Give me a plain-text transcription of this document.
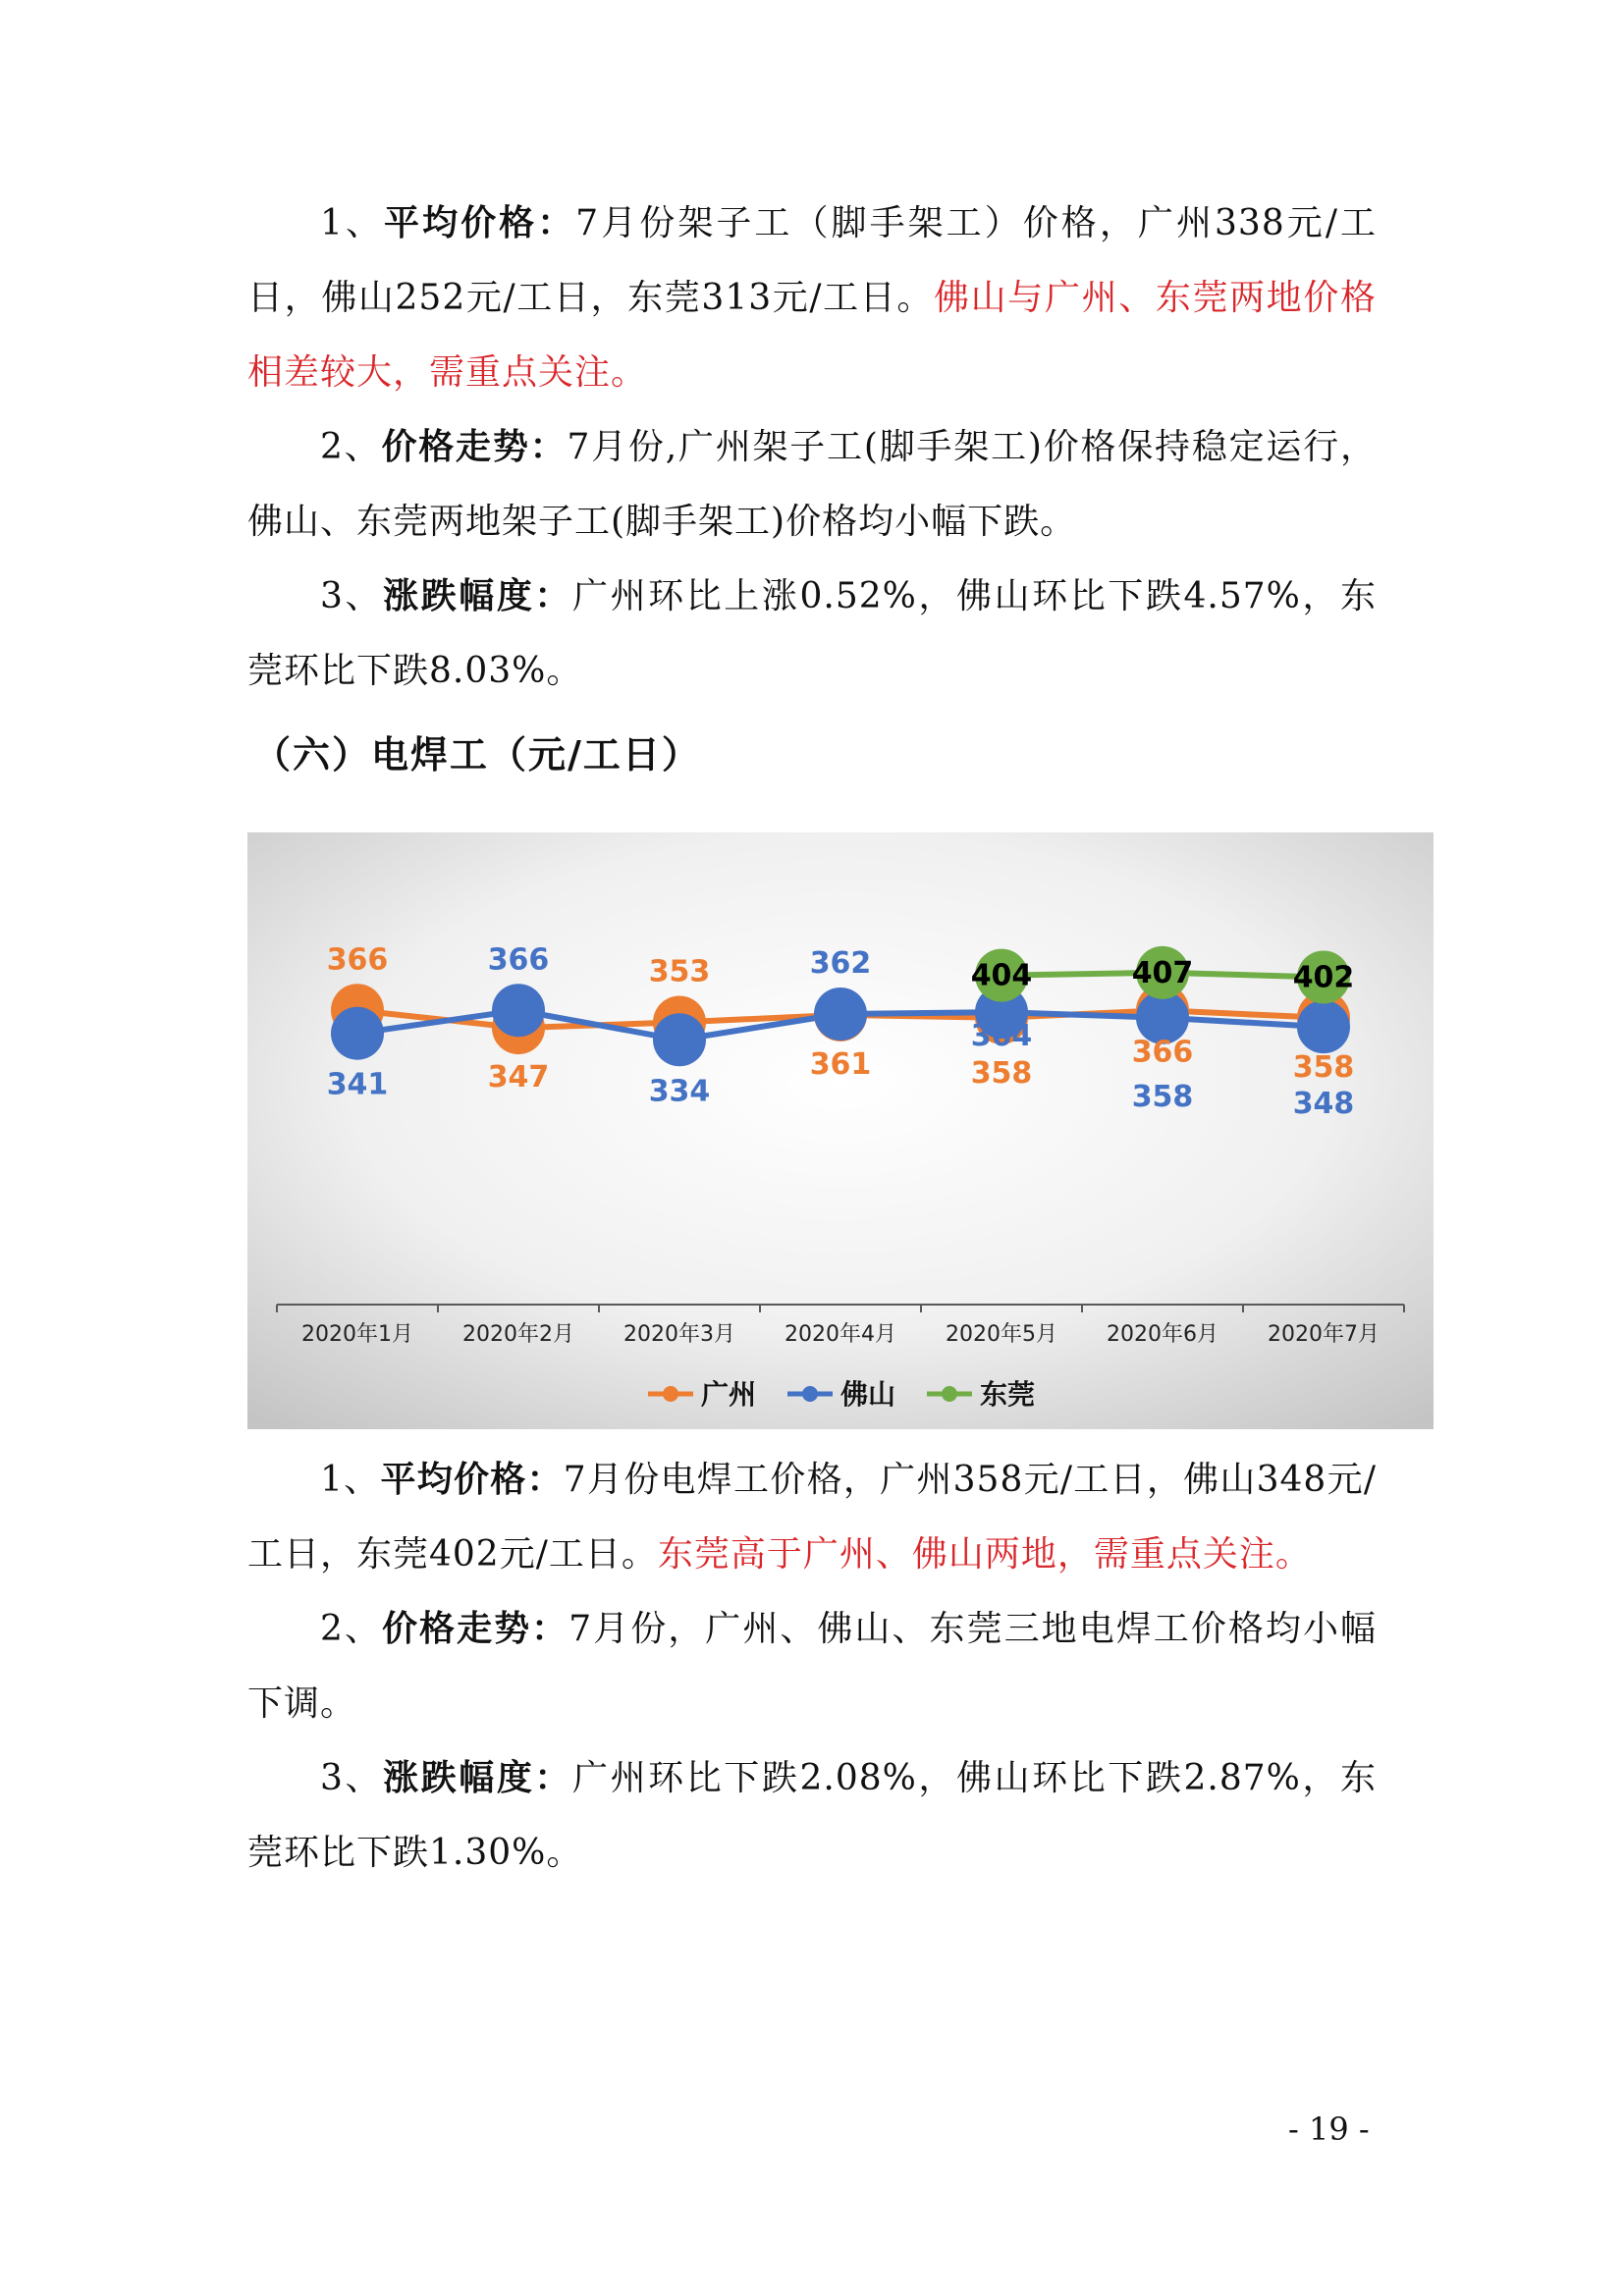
1、平均价格：7月份架子工（脚手架工）价格，广州338元/工日，佛山252元/工日，东莞313元/工日。佛山与广州、东莞两地价格相差较大，需重点关注。
2、价格走势：7月份,广州架子工(脚手架工)价格保持稳定运行，佛山、东莞两地架子工(脚手架工)价格均小幅下跌。
3、涨跌幅度：广州环比上涨0.52%，佛山环比下跌4.57%，东莞环比下跌8.03%。
（六）电焊工（元/工日）
2020年1月 2020年2月 2020年3月 2020年4月 2020年5月 2020年6月 2020年7月
366
347
353
361	358
366	358
341
366
334
362
364
358	348
404	407	402
广州	佛山	东莞
1、平均价格：7月份电焊工价格，广州358元/工日，佛山348元/工日，东莞402元/工日。东莞高于广州、佛山两地，需重点关注。
2、价格走势：7月份，广州、佛山、东莞三地电焊工价格均小幅下调。
3、涨跌幅度：广州环比下跌2.08%，佛山环比下跌2.87%，东莞环比下跌1.30%。
- 19 -
